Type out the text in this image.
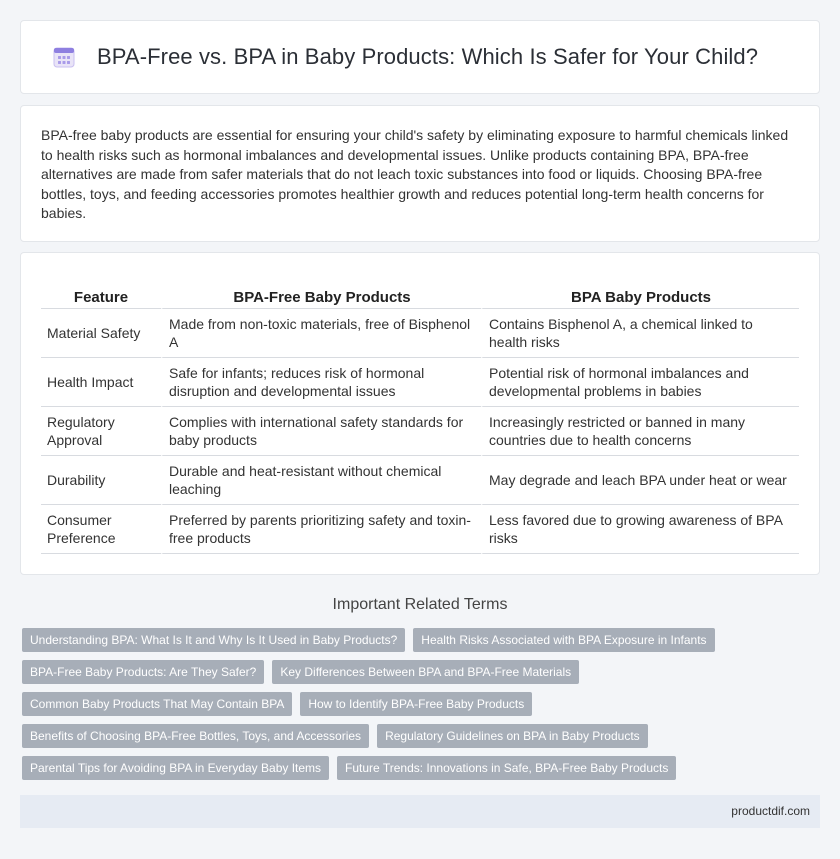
BPA-Free vs. BPA in Baby Products: Which Is Safer for Your Child?

BPA-free baby products are essential for ensuring your child's safety by eliminating exposure to harmful chemicals linked to health risks such as hormonal imbalances and developmental issues. Unlike products containing BPA, BPA-free alternatives are made from safer materials that do not leach toxic substances into food or liquids. Choosing BPA-free bottles, toys, and feeding accessories promotes healthier growth and reduces potential long-term health concerns for babies.

Feature	BPA-Free Baby Products	BPA Baby Products
Material Safety	Made from non-toxic materials, free of Bisphenol A	Contains Bisphenol A, a chemical linked to health risks
Health Impact	Safe for infants; reduces risk of hormonal disruption and developmental issues	Potential risk of hormonal imbalances and developmental problems in babies
Regulatory Approval	Complies with international safety standards for baby products	Increasingly restricted or banned in many countries due to health concerns
Durability	Durable and heat-resistant without chemical leaching	May degrade and leach BPA under heat or wear
Consumer Preference	Preferred by parents prioritizing safety and toxin-free products	Less favored due to growing awareness of BPA risks
Important Related Terms
Understanding BPA: What Is It and Why Is It Used in Baby Products?	Health Risks Associated with BPA Exposure in Infants
BPA-Free Baby Products: Are They Safer?	Key Differences Between BPA and BPA-Free Materials
Common Baby Products That May Contain BPA	How to Identify BPA-Free Baby Products
Benefits of Choosing BPA-Free Bottles, Toys, and Accessories	Regulatory Guidelines on BPA in Baby Products
Parental Tips for Avoiding BPA in Everyday Baby Items	Future Trends: Innovations in Safe, BPA-Free Baby Products
productdif.com
